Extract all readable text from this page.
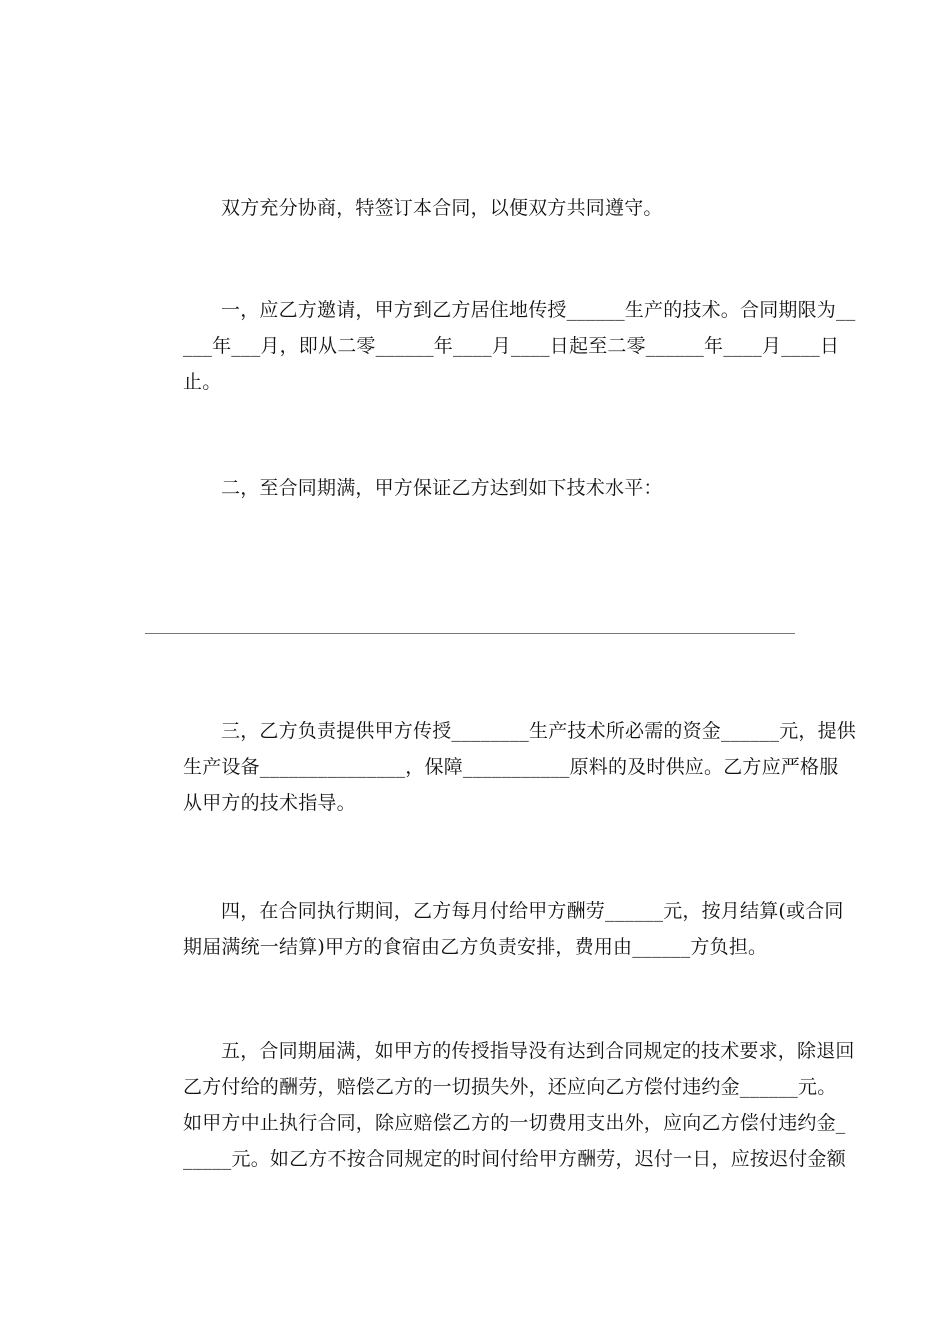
双方充分协商，特签订本合同，以便双方共同遵守。
一，应乙方邀请，甲方到乙方居住地传授______生产的技术。合同期限为__
___年___月，即从二零______年____月____日起至二零______年____月____日
止。
二，至合同期满，甲方保证乙方达到如下技术水平：
三，乙方负责提供甲方传授________生产技术所必需的资金______元，提供
生产设备_______________，保障___________原料的及时供应。乙方应严格服
从甲方的技术指导。
四，在合同执行期间，乙方每月付给甲方酬劳______元，按月结算(或合同
期届满统一结算)甲方的食宿由乙方负责安排，费用由______方负担。
五，合同期届满，如甲方的传授指导没有达到合同规定的技术要求，除退回
乙方付给的酬劳，赔偿乙方的一切损失外，还应向乙方偿付违约金______元。
如甲方中止执行合同，除应赔偿乙方的一切费用支出外，应向乙方偿付违约金_
_____元。如乙方不按合同规定的时间付给甲方酬劳，迟付一日，应按迟付金额
